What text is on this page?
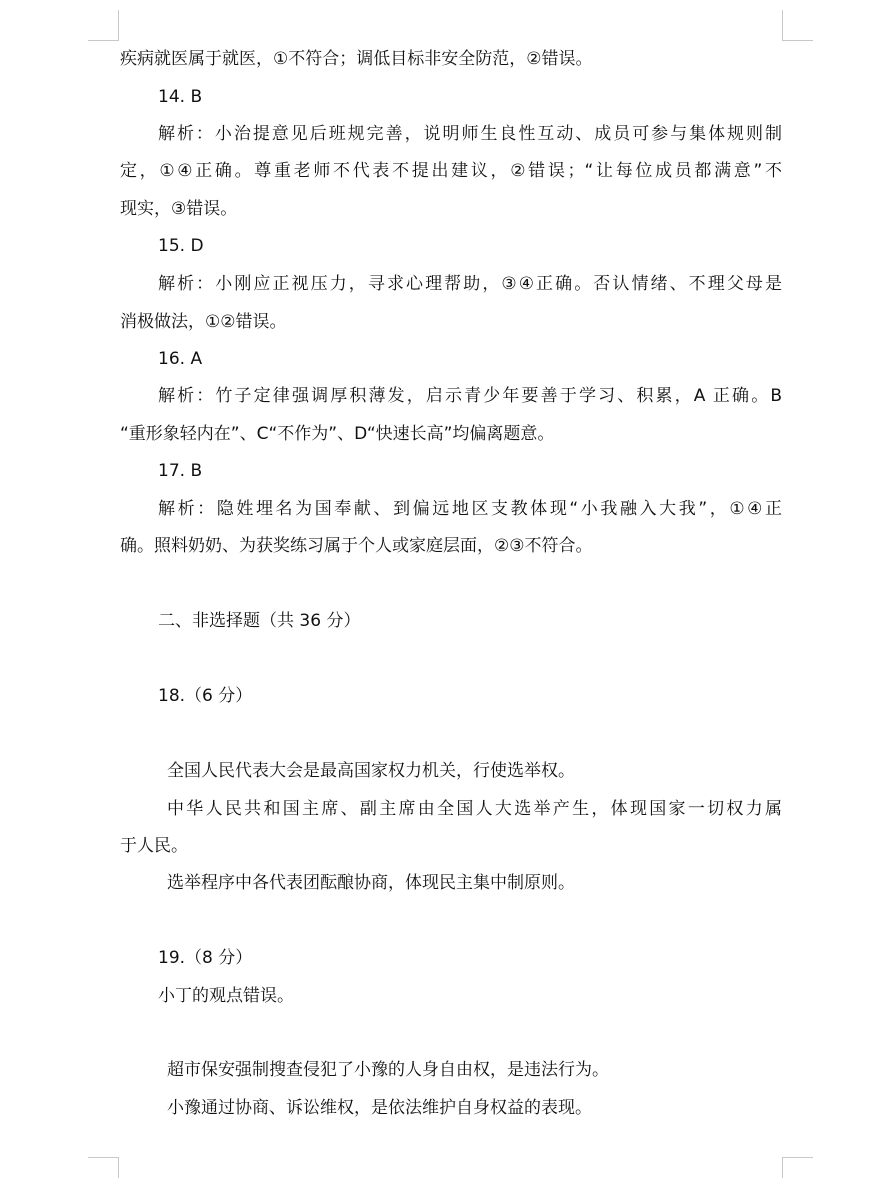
疾病就医属于就医，①不符合；调低目标非安全防范，②错误。
14. B
解析：小治提意见后班规完善，说明师生良性互动、成员可参与集体规则制
定，①④正确。尊重老师不代表不提出建议，②错误；“让每位成员都满意”不
现实，③错误。
15. D
解析：小刚应正视压力，寻求心理帮助，③④正确。否认情绪、不理父母是
消极做法，①②错误。
16. A
解析：竹子定律强调厚积薄发，启示青少年要善于学习、积累，A 正确。B
“重形象轻内在”、C“不作为”、D“快速长高”均偏离题意。
17. B
解析：隐姓埋名为国奉献、到偏远地区支教体现“小我融入大我”，①④正
确。照料奶奶、为获奖练习属于个人或家庭层面，②③不符合。
二、非选择题（共 36 分）
18.（6 分）
全国人民代表大会是最高国家权力机关，行使选举权。
中华人民共和国主席、副主席由全国人大选举产生，体现国家一切权力属
于人民。
选举程序中各代表团酝酿协商，体现民主集中制原则。
19.（8 分）
小丁的观点错误。
超市保安强制搜查侵犯了小豫的人身自由权，是违法行为。
小豫通过协商、诉讼维权，是依法维护自身权益的表现。
